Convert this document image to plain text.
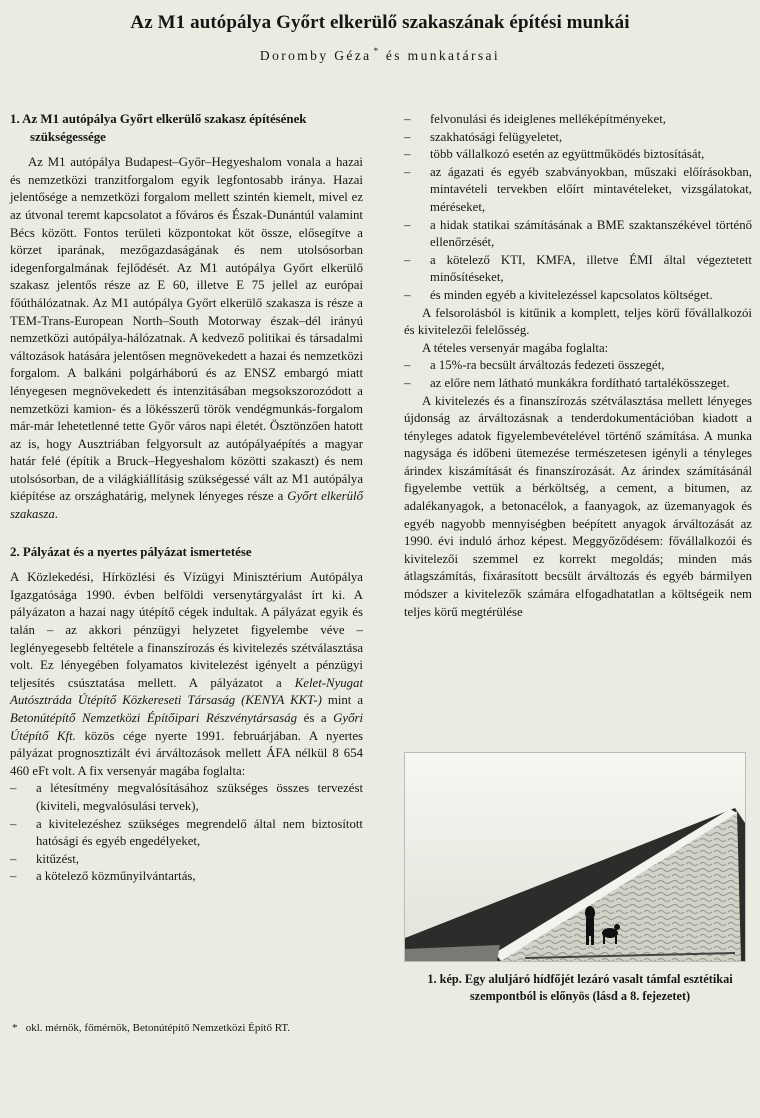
Az M1 autópálya Győrt elkerülő szakaszának építési munkái
Doromby Géza * és munkatársai
1. Az M1 autópálya Győrt elkerülő szakasz építésének szükségessége

Az M1 autópálya Budapest–Győr–Hegyeshalom vonala a hazai és nemzetközi tranzitforgalom egyik legfontosabb iránya. Hazai jelentősége a nemzetközi forgalom mellett szintén kiemelt, mivel ez az útvonal teremt kapcsolatot a főváros és Észak-Dunántúl valamint Bécs között. Fontos területi központokat köt össze, elősegítve a körzet iparának, mezőgazdaságának és nem utolsósorban idegenforgalmának fejlődését. Az M1 autópálya Győrt elkerülő szakasz jelentős része az E 60, illetve E 75 jellel az európai főúthálózatnak. Az M1 autópálya Győrt elkerülő szakasza is része a TEM-Trans-European North–South Motorway észak–dél irányú nemzetközi autópálya-hálózatnak. A kedvező politikai és társadalmi változások hatására jelentősen megnövekedett a hazai és nemzetközi forgalom. A balkáni polgárháború és az ENSZ embargó miatt lényegesen megnövekedett és intenzitásában megsokszorozódott a nemzetközi kamion- és a lökésszerű török vendégmunkás-forgalom már-már lehetetlenné tette Győr város napi életét. Ösztönzően hatott az is, hogy Ausztriában felgyorsult az autópályaépítés a magyar határ felé (építik a Bruck–Hegyeshalom közötti szakaszt) és nem utolsósorban, de a világkiállításig szükségessé vált az M1 autópálya kiépítése az országhatárig, melynek lényeges része a Győrt elkerülő szakasza.

2. Pályázat és a nyertes pályázat ismertetése

A Közlekedési, Hírközlési és Vízügyi Minisztérium Autópálya Igazgatósága 1990. évben belföldi versenytárgyalást írt ki. A pályázaton a hazai nagy útépítő cégek indultak. A pályázat egyik és talán – az akkori pénzügyi helyzetet figyelembe véve – leglényegesebb feltétele a finanszírozás és kivitelezés szétválasztása volt. Ez lényegében folyamatos kivitelezést igényelt a pénzügyi teljesítés csúsztatása mellett. A pályázatot a Kelet-Nyugat Autósztráda Útépítő Közkereseti Társaság (KENYA KKT-) mint a Betonútépítő Nemzetközi Építőipari Részvénytársaság és a Győri Útépítő Kft. közös cége nyerte 1991. februárjában. A nyertes pályázat prognosztizált évi árváltozások mellett ÁFA nélkül 8 654 460 eFt volt. A fix versenyár magába foglalta:

– a létesítmény megvalósításához szükséges összes tervezést (kiviteli, megvalósulási tervek),
– a kivitelezéshez szükséges megrendelő által nem biztosított hatósági és egyéb engedélyeket,
– kitűzést,
– a kötelező közműnyilvántartás,
* okl. mérnök, főmérnök, Betonútépítő Nemzetközi Építő RT.
– felvonulási és ideiglenes melléképítményeket,
– szakhatósági felügyeletet,
– több vállalkozó esetén az együttműködés biztosítását,
– az ágazati és egyéb szabványokban, műszaki előírásokban, mintavételi tervekben előírt mintavételeket, vizsgálatokat, méréseket,
– a hidak statikai számításának a BME szaktanszékével történő ellenőrzését,
– a kötelező KTI, KMFA, illetve ÉMI által végeztetett minősítéseket,
– és minden egyéb a kivitelezéssel kapcsolatos költséget.

A felsorolásból is kitűnik a komplett, teljes körű fővállalkozói és kivitelezői felelősség.

A tételes versenyár magába foglalta:

– a 15%-ra becsült árváltozás fedezeti összegét,
– az előre nem látható munkákra fordítható tartalékösszeget.

A kivitelezés és a finanszírozás szétválasztása mellett lényeges újdonság az árváltozásnak a tenderdokumentációban kiadott a tényleges adatok figyelembevételével történő számítása. A munka nagysága és időbeni ütemezése természetesen igényli a tényleges árindex kiszámítását és finanszírozását. Az árindex számításánál figyelembe vettük a bérköltség, a cement, a bitumen, az adalékanyagok, a betonacélok, a faanyagok, az üzemanyagok és egyéb nagyobb mennyiségben beépített anyagok árváltozását az 1990. évi induló árhoz képest. Meggyőződésem: fővállalkozói és kivitelezői szemmel ez korrekt megoldás; minden más átlagszámítás, fixárasított becsült árváltozás és egyéb bármilyen módszer a kivitelezők számára elfogadhatatlan a költségeik nem teljes körű megtérülése

1. kép. Egy aluljáró hídfőjét lezáró vasalt támfal esztétikai szempontból is előnyös (lásd a 8. fejezetet)
